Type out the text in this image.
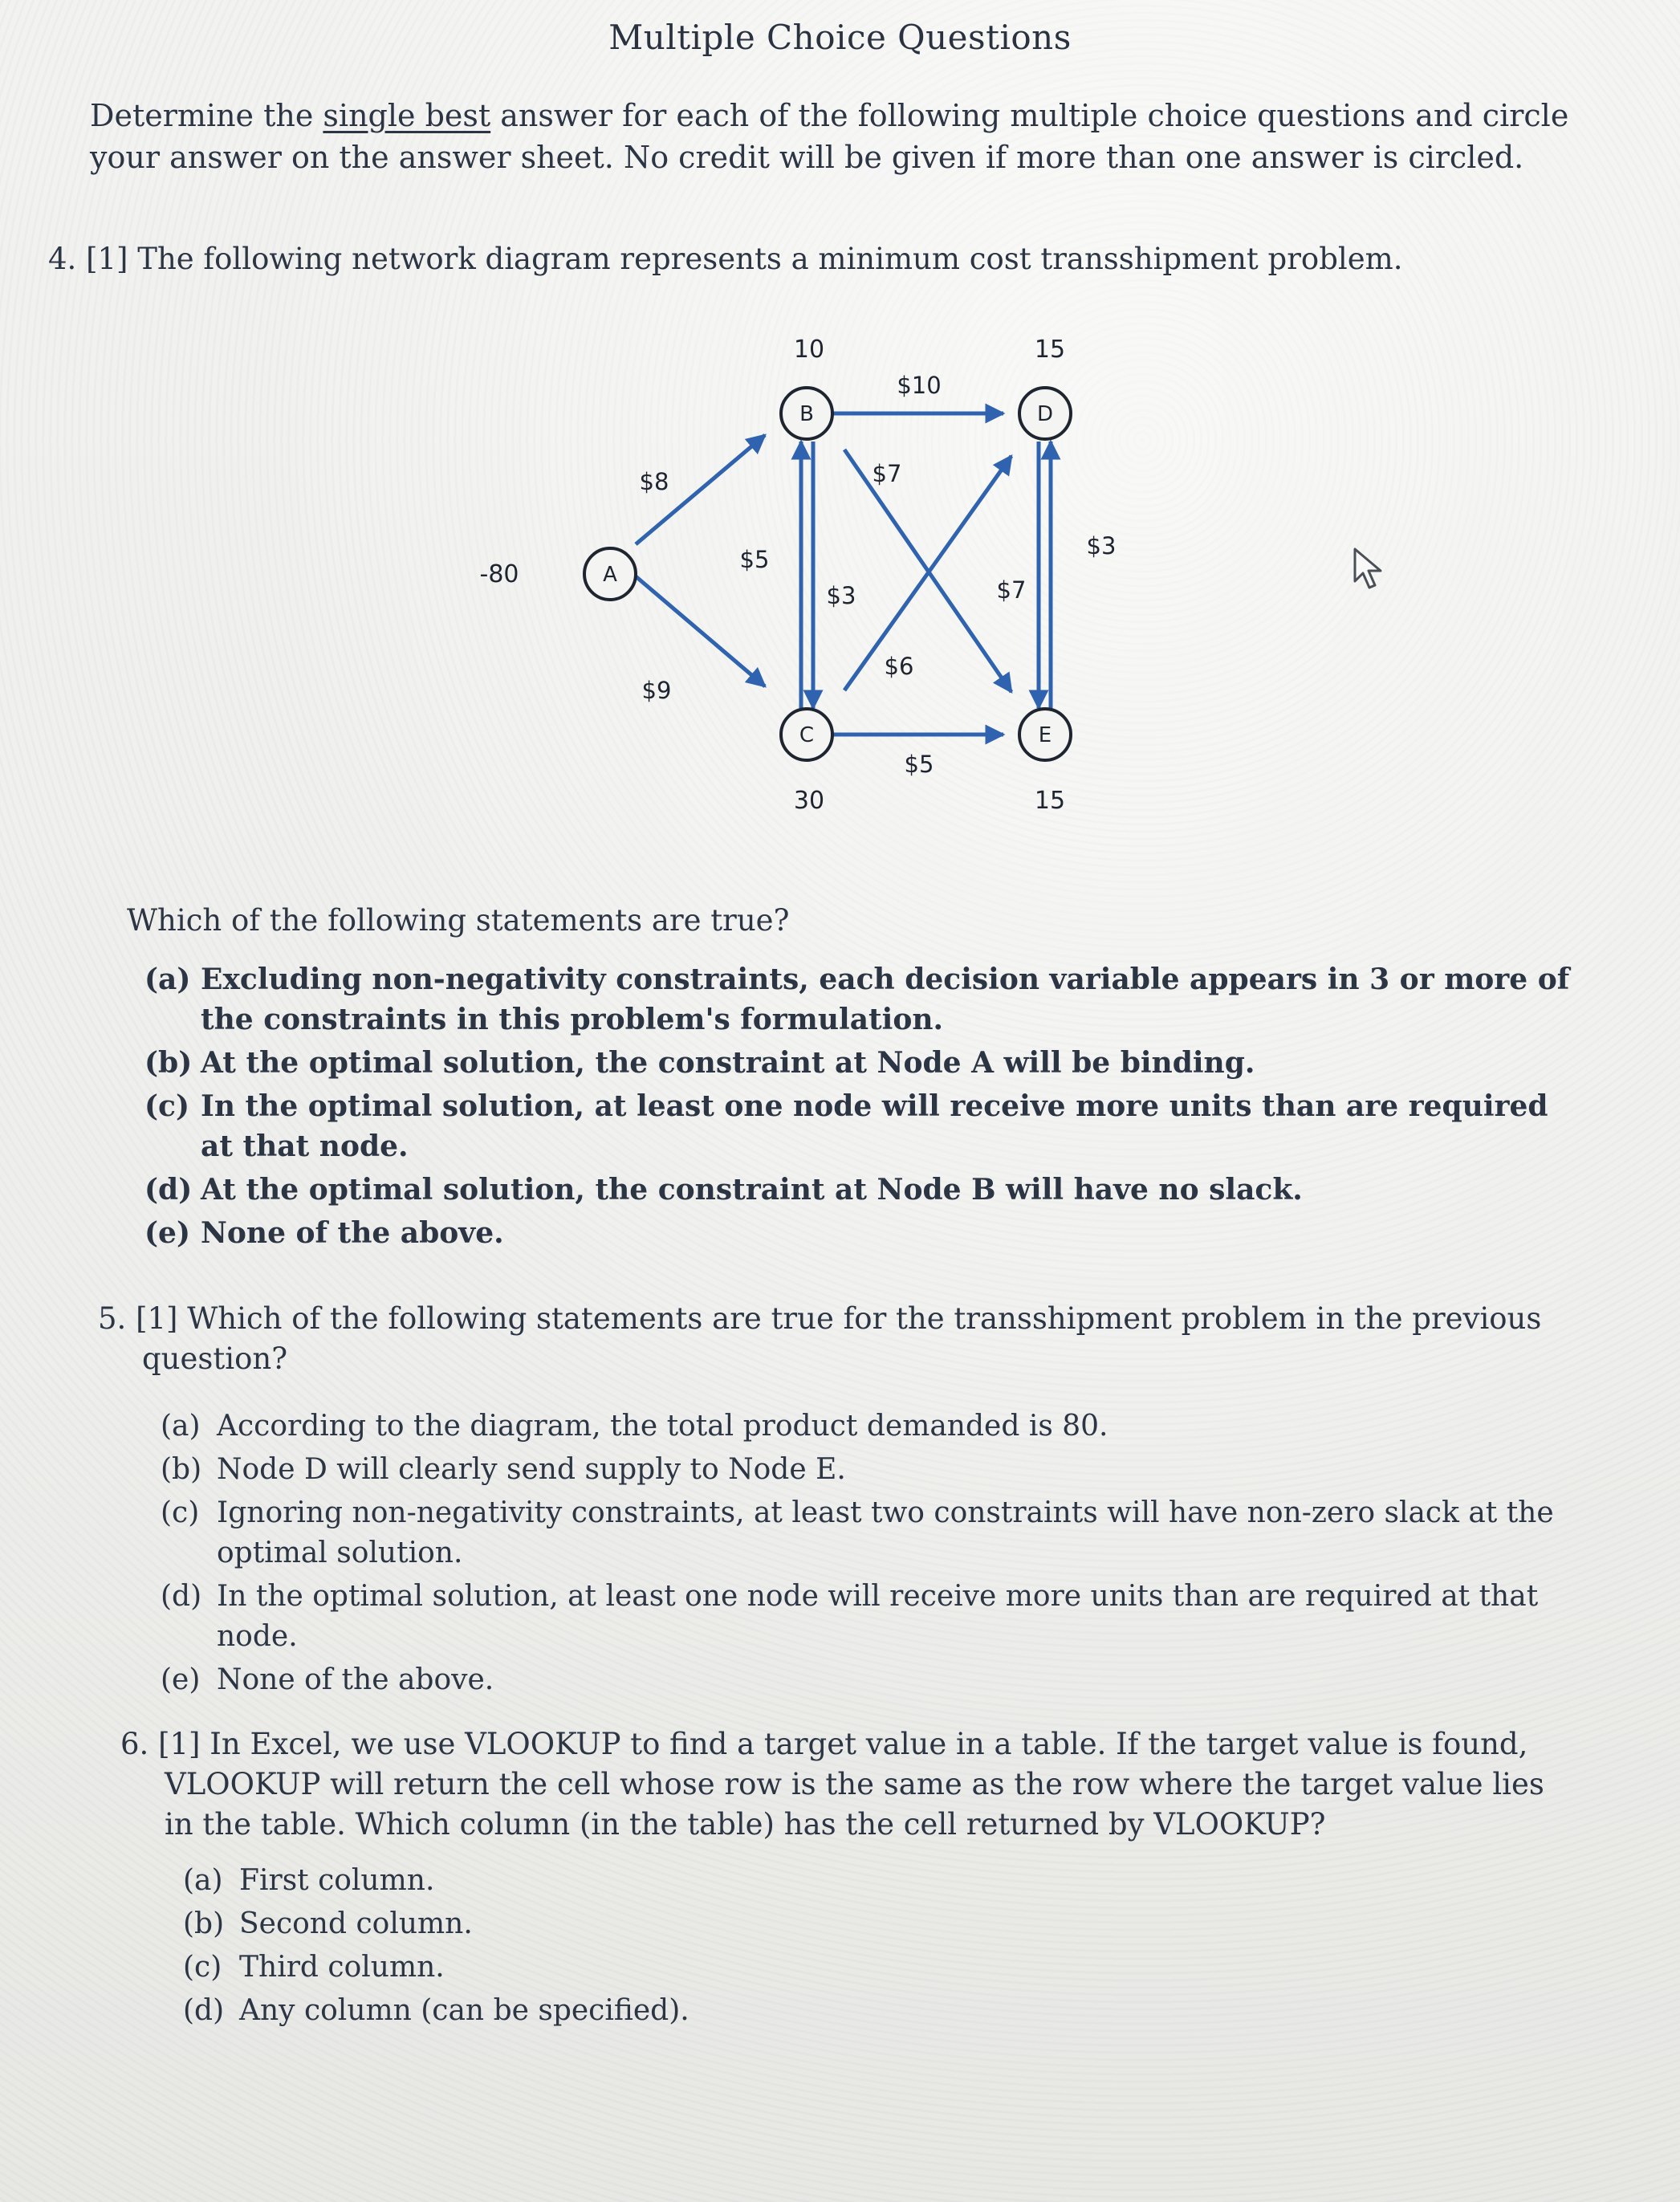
Multiple Choice Questions
Determine the single best answer for each of the following multiple choice questions and circle your answer on the answer sheet. No credit will be given if more than one answer is circled.
4. [1] The following network diagram represents a minimum cost transshipment problem.
A
B
C
D
E
-80
10
30
15
15
$8
$9
$5
$3
$10
$7
$6
$5
$7
$3
Which of the following statements are true?
(a) Excluding non-negativity constraints, each decision variable appears in 3 or more of the constraints in this problem's formulation.
(b) At the optimal solution, the constraint at Node A will be binding.
(c) In the optimal solution, at least one node will receive more units than are required at that node.
(d) At the optimal solution, the constraint at Node B will have no slack.
(e) None of the above.
5. [1] Which of the following statements are true for the transshipment problem in the previous question?
(a) According to the diagram, the total product demanded is 80.
(b) Node D will clearly send supply to Node E.
(c) Ignoring non-negativity constraints, at least two constraints will have non-zero slack at the optimal solution.
(d) In the optimal solution, at least one node will receive more units than are required at that node.
(e) None of the above.
6. [1] In Excel, we use VLOOKUP to find a target value in a table. If the target value is found, VLOOKUP will return the cell whose row is the same as the row where the target value lies in the table. Which column (in the table) has the cell returned by VLOOKUP?
(a) First column.
(b) Second column.
(c) Third column.
(d) Any column (can be specified).
